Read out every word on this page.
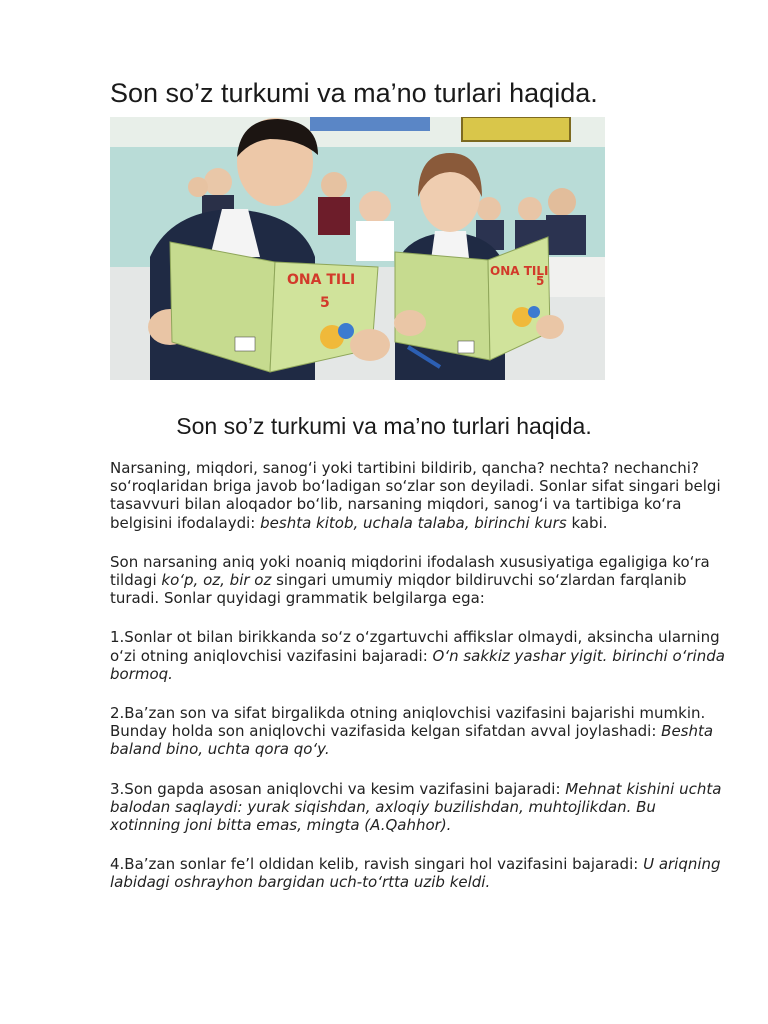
Son so’z turkumi va ma’no turlari haqida.
ONA TILI
5
ONA TILI
5
Son so’z turkumi va ma’no turlari haqida.

Narsaning, miqdori, sanog‘i yoki tartibini bildirib, qancha? nechta? nechanchi? so‘roqlaridan briga javob bo‘ladigan so‘zlar son deyiladi. Sonlar sifat singari belgi tasavvuri bilan aloqador bo‘lib, narsaning miqdori, sanog‘i va tartibiga ko‘ra belgisini ifodalaydi: beshta kitob, uchala talaba, birinchi kurs kabi.

Son narsaning aniq yoki noaniq miqdorini ifodalash xususiyatiga egaligiga ko‘ra tildagi ko‘p, oz, bir oz singari umumiy miqdor bildiruvchi so‘zlardan farqlanib turadi. Sonlar quyidagi grammatik belgilarga ega:

1.Sonlar ot bilan birikkanda so‘z o‘zgartuvchi affikslar olmaydi, aksincha ularning o‘zi otning aniqlovchisi vazifasini bajaradi: O‘n sakkiz yashar yigit. birinchi o‘rinda bormoq.

2.Ba’zan son va sifat birgalikda otning aniqlovchisi vazifasini bajarishi mumkin. Bunday holda son aniqlovchi vazifasida kelgan sifatdan avval joylashadi: Beshta baland bino, uchta qora qo‘y.

3.Son gapda asosan aniqlovchi va kesim vazifasini bajaradi: Mehnat kishini uchta balodan saqlaydi: yurak siqishdan, axloqiy buzilishdan, muhtojlikdan. Bu xotinning joni bitta emas, mingta (A.Qahhor).

4.Ba’zan sonlar fe’l oldidan kelib, ravish singari hol vazifasini bajaradi: U ariqning labidagi oshrayhon bargidan uch-to‘rtta uzib keldi.
